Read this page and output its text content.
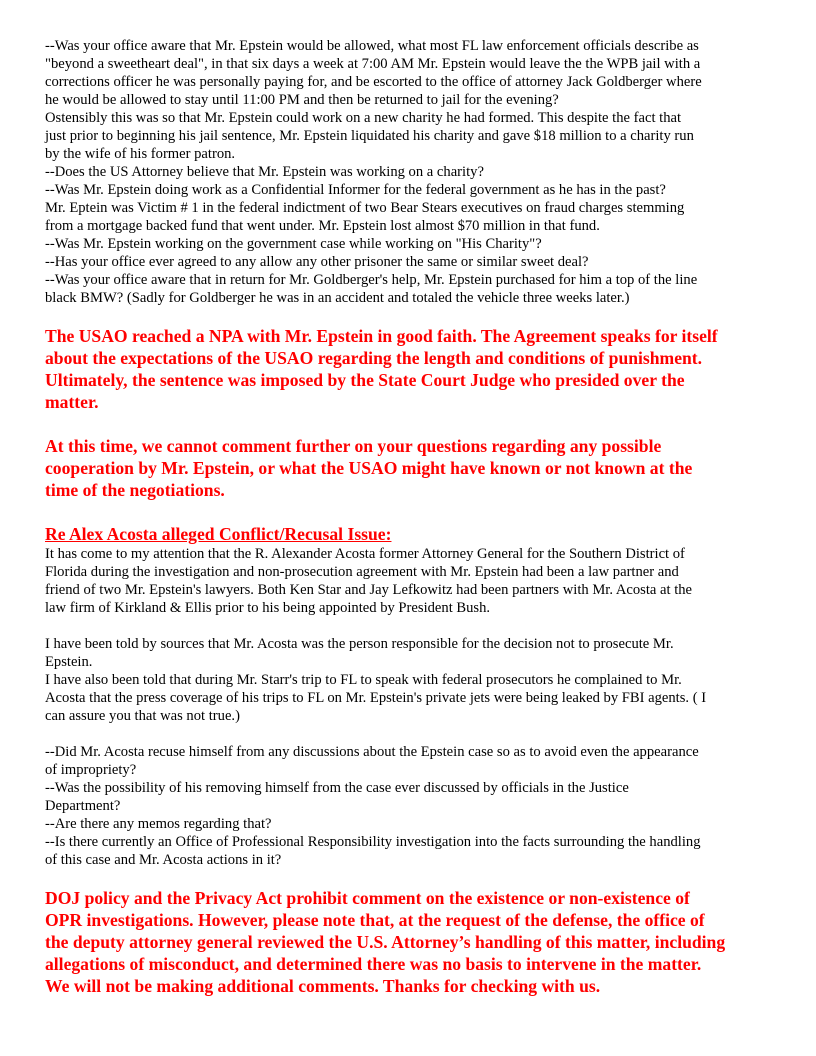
--Was your office aware that Mr. Epstein would be allowed, what most FL law enforcement officials describe as
"beyond a sweetheart deal", in that six days a week at 7:00 AM Mr. Epstein would leave the the WPB jail with a
corrections officer he was personally paying for, and be escorted to the office of attorney Jack Goldberger where
he would be allowed to stay until 11:00 PM and then be returned to jail for the evening?
Ostensibly this was so that Mr. Epstein could work on a new charity he had formed. This despite the fact that
just prior to beginning his jail sentence, Mr. Epstein liquidated his charity and gave $18 million to a charity run
by the wife of his former patron.
--Does the US Attorney believe that Mr. Epstein was working on a charity?
--Was Mr. Epstein doing work as a Confidential Informer for the federal government as he has in the past?
Mr. Eptein was Victim # 1 in the federal indictment of two Bear Stears executives on fraud charges stemming
from a mortgage backed fund that went under. Mr. Epstein lost almost $70 million in that fund.
--Was Mr. Epstein working on the government case while working on "His Charity"?
--Has your office ever agreed to any allow any other prisoner the same or similar sweet deal?
--Was your office aware that in return for Mr. Goldberger's help, Mr. Epstein purchased for him a top of the line
black BMW? (Sadly for Goldberger he was in an accident and totaled the vehicle three weeks later.)
The USAO reached a NPA with Mr. Epstein in good faith. The Agreement speaks for itself
about the expectations of the USAO regarding the length and conditions of punishment.
Ultimately, the sentence was imposed by the State Court Judge who presided over the
matter.
At this time, we cannot comment further on your questions regarding any possible
cooperation by Mr. Epstein, or what the USAO might have known or not known at the
time of the negotiations.
Re Alex Acosta alleged Conflict/Recusal Issue:
It has come to my attention that the R. Alexander Acosta former Attorney General for the Southern District of
Florida during the investigation and non-prosecution agreement with Mr. Epstein had been a law partner and
friend of two Mr. Epstein's lawyers. Both Ken Star and Jay Lefkowitz had been partners with Mr. Acosta at the
law firm of Kirkland & Ellis prior to his being appointed by President Bush.
I have been told by sources that Mr. Acosta was the person responsible for the decision not to prosecute Mr.
Epstein.
I have also been told that during Mr. Starr's trip to FL to speak with federal prosecutors he complained to Mr.
Acosta that the press coverage of his trips to FL on Mr. Epstein's private jets were being leaked by FBI agents. ( I
can assure you that was not true.)
--Did Mr. Acosta recuse himself from any discussions about the Epstein case so as to avoid even the appearance
of impropriety?
--Was the possibility of his removing himself from the case ever discussed by officials in the Justice
Department?
--Are there any memos regarding that?
--Is there currently an Office of Professional Responsibility investigation into the facts surrounding the handling
of this case and Mr. Acosta actions in it?
DOJ policy and the Privacy Act prohibit comment on the existence or non-existence of
OPR investigations. However, please note that, at the request of the defense, the office of
the deputy attorney general reviewed the U.S. Attorney’s handling of this matter, including
allegations of misconduct, and determined there was no basis to intervene in the matter.
We will not be making additional comments. Thanks for checking with us.
